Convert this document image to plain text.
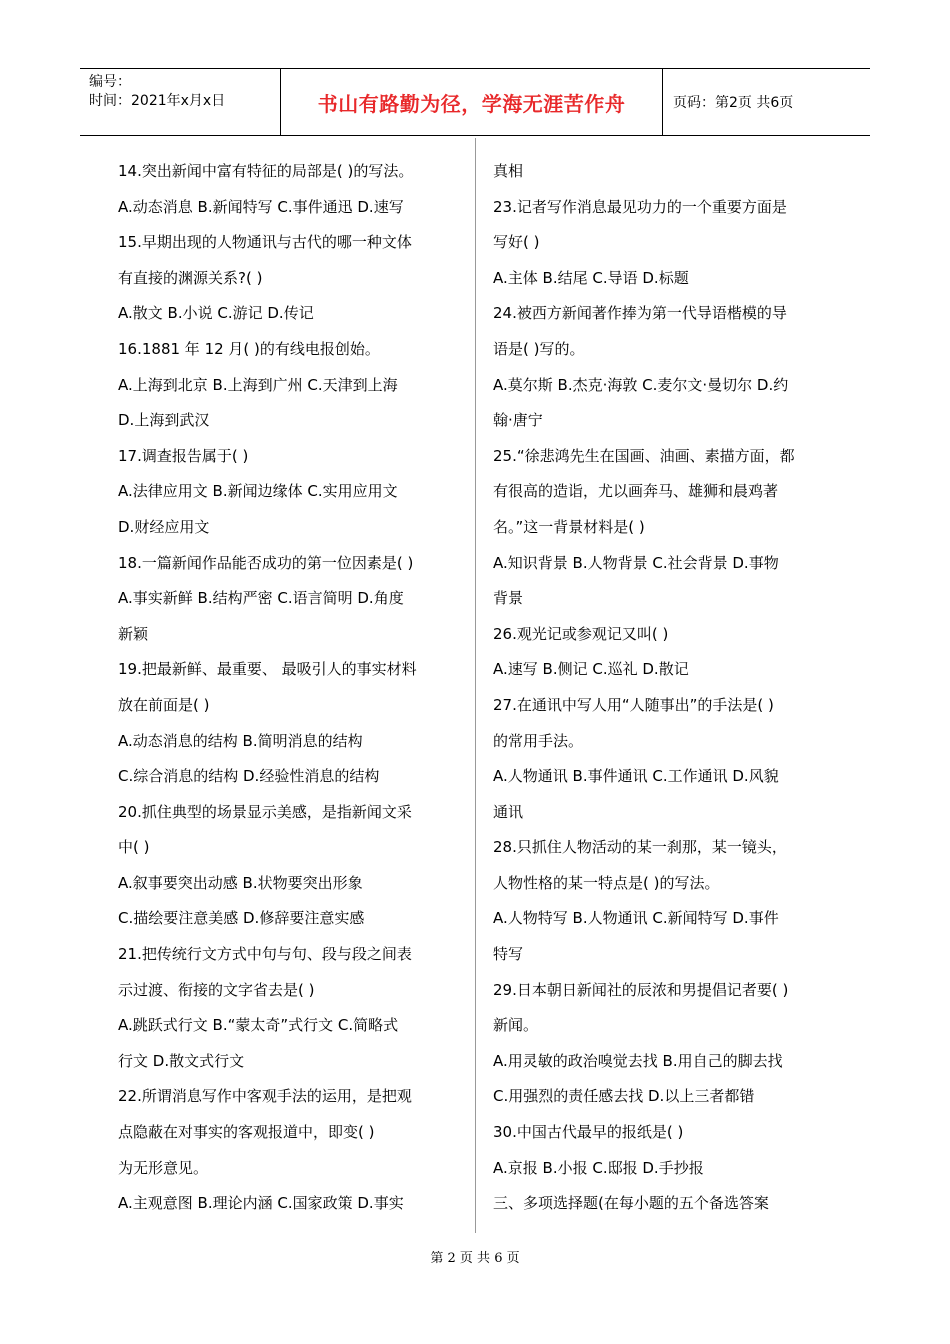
编号：
时间：2021年x月x日	书山有路勤为径，学海无涯苦作舟	页码：第2页 共6页

14.突出新闻中富有特征的局部是( )的写法。

A.动态消息 B.新闻特写 C.事件通迅 D.速写

15.早期出现的人物通讯与古代的哪一种文体

有直接的渊源关系?( )

A.散文 B.小说 C.游记 D.传记

16.1881 年 12 月( )的有线电报创始。

A.上海到北京 B.上海到广州 C.天津到上海

D.上海到武汉

17.调查报告属于( )

A.法律应用文 B.新闻边缘体 C.实用应用文

D.财经应用文

18.一篇新闻作品能否成功的第一位因素是( )

A.事实新鲜 B.结构严密 C.语言简明 D.角度

新颖

19.把最新鲜、最重要、 最吸引人的事实材料

放在前面是( )

A.动态消息的结构 B.简明消息的结构

C.综合消息的结构 D.经验性消息的结构

20.抓住典型的场景显示美感，是指新闻文采

中( )

A.叙事要突出动感 B.状物要突出形象

C.描绘要注意美感 D.修辞要注意实感

21.把传统行文方式中句与句、段与段之间表

示过渡、衔接的文字省去是( )

A.跳跃式行文 B.“蒙太奇”式行文 C.简略式

行文 D.散文式行文

22.所谓消息写作中客观手法的运用，是把观

点隐蔽在对事实的客观报道中，即变( )

为无形意见。

A.主观意图 B.理论内涵 C.国家政策 D.事实

真相

23.记者写作消息最见功力的一个重要方面是

写好( )

A.主体 B.结尾 C.导语 D.标题

24.被西方新闻著作捧为第一代导语楷模的导

语是( )写的。

A.莫尔斯 B.杰克·海敦 C.麦尔文·曼切尔 D.约

翰·唐宁

25.“徐悲鸿先生在国画、油画、素描方面，都

有很高的造诣，尤以画奔马、雄狮和晨鸡著

名。”这一背景材料是( )

A.知识背景 B.人物背景 C.社会背景 D.事物

背景

26.观光记或参观记又叫( )

A.速写 B.侧记 C.巡礼 D.散记

27.在通讯中写人用“人随事出”的手法是( )

的常用手法。

A.人物通讯 B.事件通讯 C.工作通讯 D.风貌

通讯

28.只抓住人物活动的某一刹那，某一镜头，

人物性格的某一特点是( )的写法。

A.人物特写 B.人物通讯 C.新闻特写 D.事件

特写

29.日本朝日新闻社的辰浓和男提倡记者要( )

新闻。

A.用灵敏的政治嗅觉去找 B.用自己的脚去找

C.用强烈的责任感去找 D.以上三者都错

30.中国古代最早的报纸是( )

A.京报 B.小报 C.邸报 D.手抄报

三、多项选择题(在每小题的五个备选答案

第 2 页 共 6 页
